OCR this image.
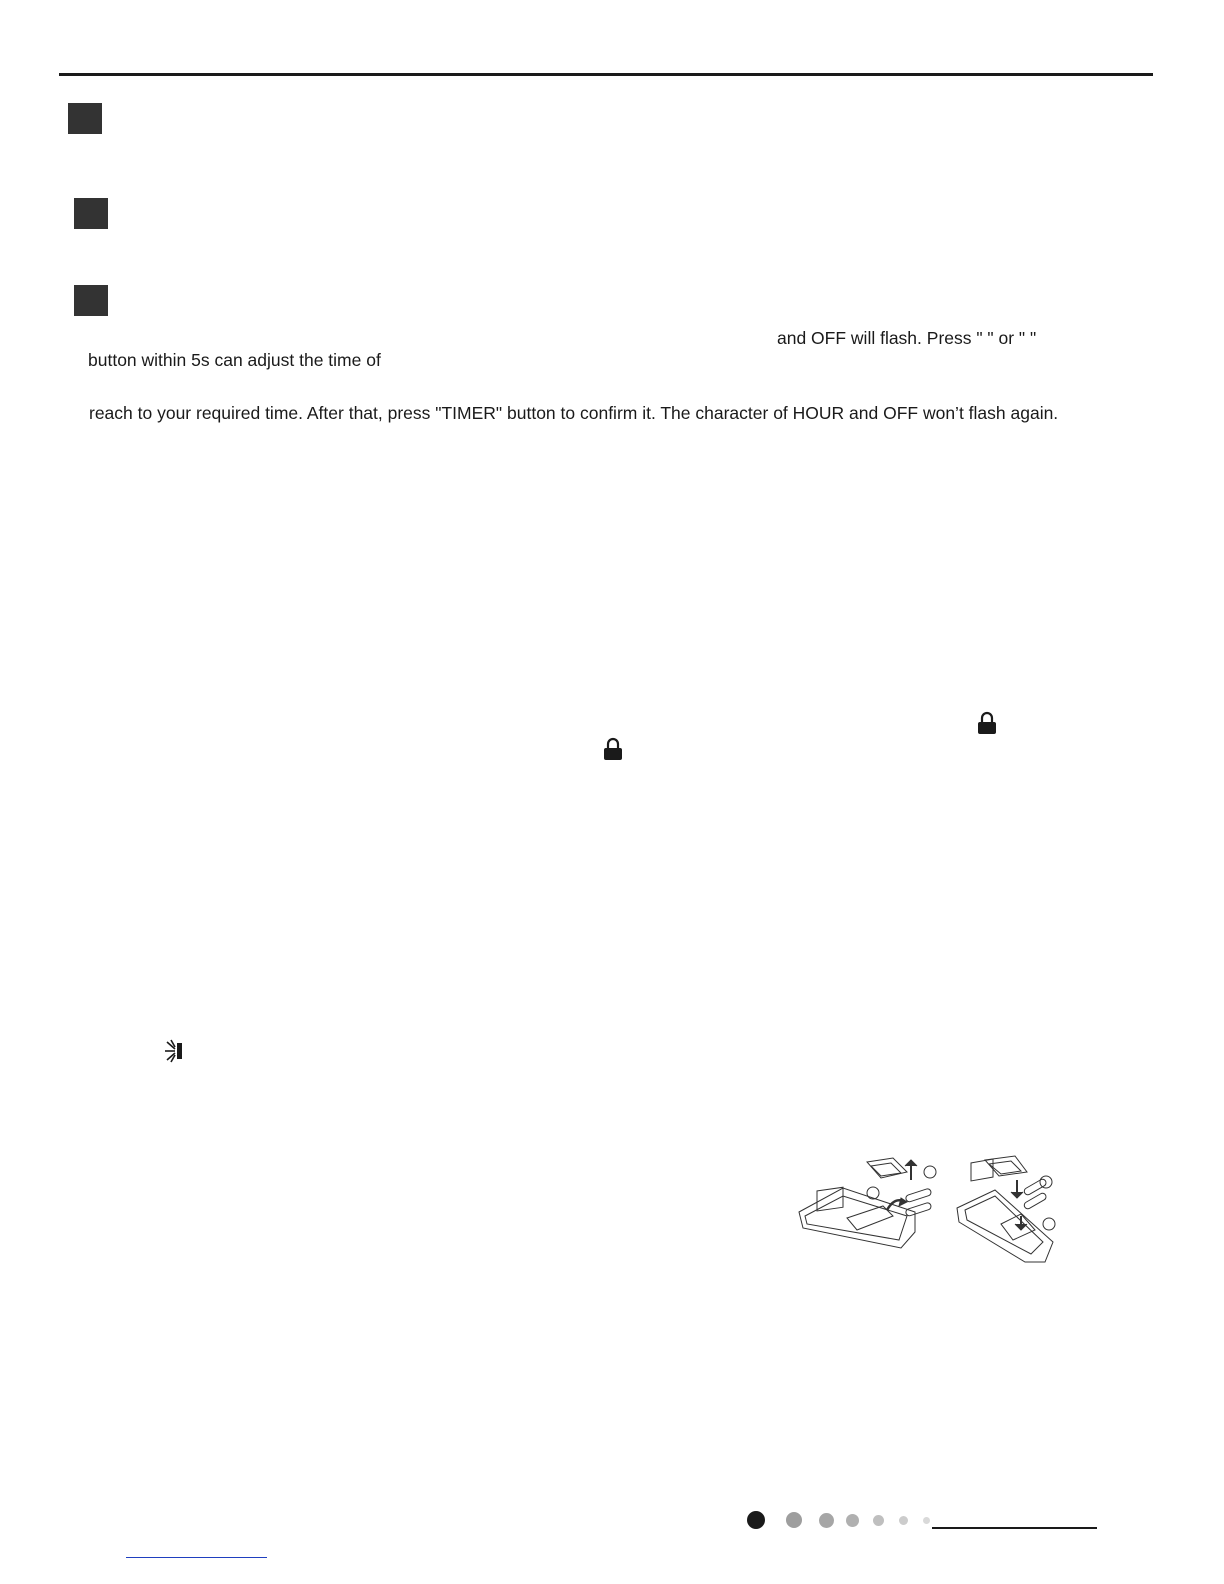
and OFF will flash. Press " " or " "
button within 5s can adjust the time of
reach to your required time. After that, press "TIMER" button to confirm it. The character of HOUR and OFF won’t flash again.
